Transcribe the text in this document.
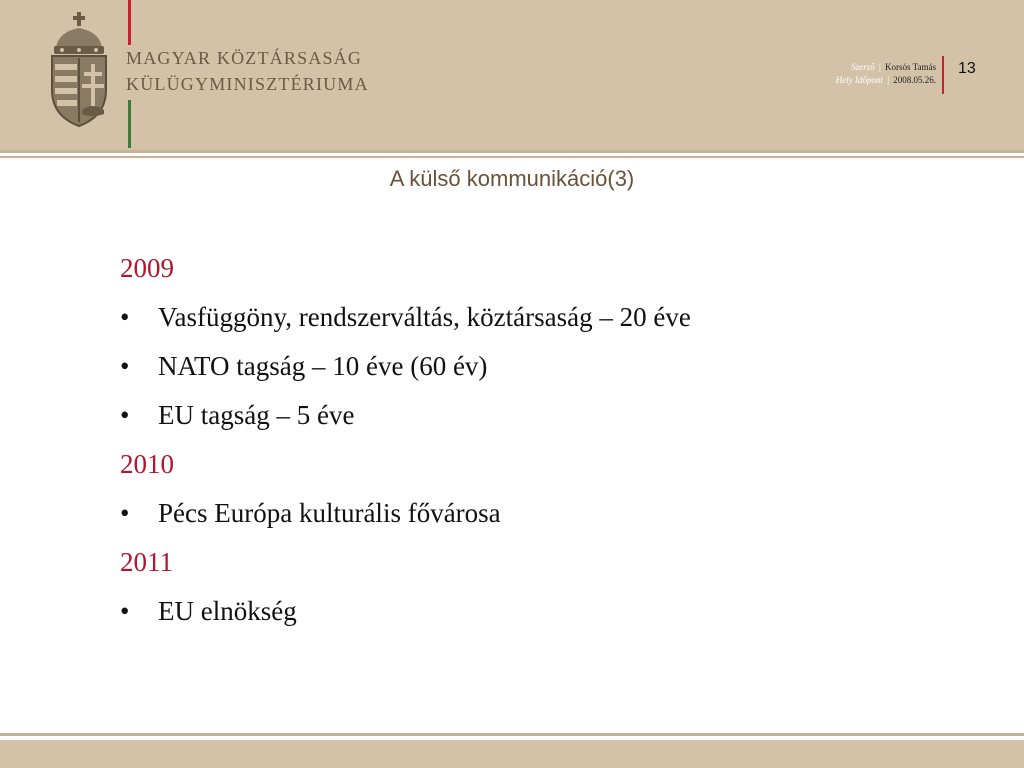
MAGYAR KÖZTÁRSASÁG
KÜLÜGYMINISZTÉRIUMA
Szerző | Korsós Tamás
Hely Időpont | 2008.05.26.
13
A külső kommunikáció(3)
2009
• Vasfüggöny, rendszerváltás, köztársaság – 20 éve
• NATO tagság – 10 éve (60 év)
• EU tagság – 5 éve
2010
• Pécs Európa kulturális fővárosa
2011
• EU elnökség
